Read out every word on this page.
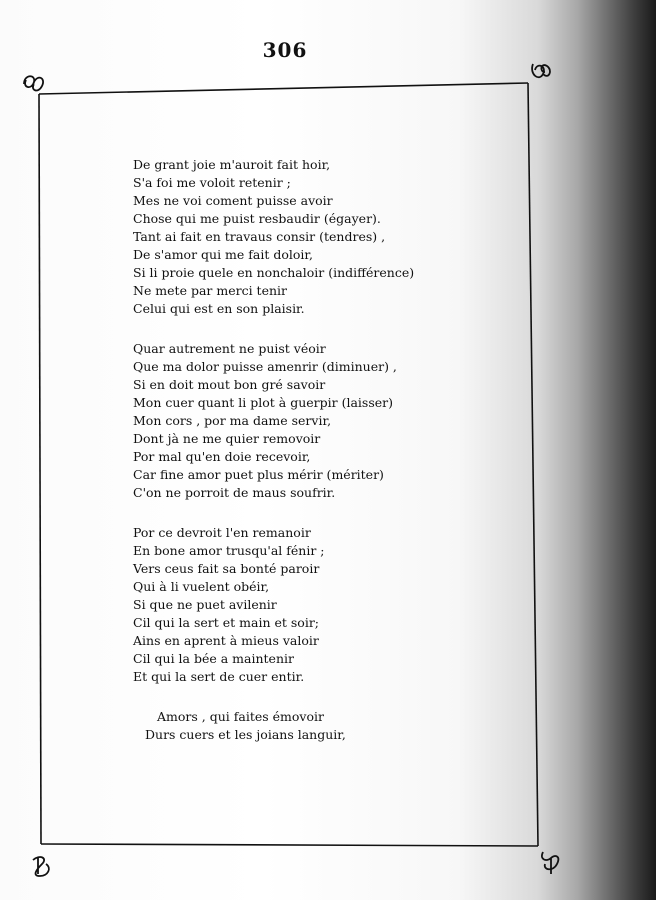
306
De grant joie m'auroit fait hoir,
S'a foi me voloit retenir ;
Mes ne voi coment puisse avoir
Chose qui me puist resbaudir (égayer).
Tant ai fait en travaus consir (tendres) ,
De s'amor qui me fait doloir,
Si li proie quele en nonchaloir (indifférence)
Ne mete par merci tenir
Celui qui est en son plaisir.
Quar autrement ne puist véoir
Que ma dolor puisse amenrir (diminuer) ,
Si en doit mout bon gré savoir
Mon cuer quant li plot à guerpir (laisser)
Mon cors , por ma dame servir,
Dont jà ne me quier removoir
Por mal qu'en doie recevoir,
Car fine amor puet plus mérir (mériter)
C'on ne porroit de maus soufrir.
Por ce devroit l'en remanoir
En bone amor trusqu'al fénir ;
Vers ceus fait sa bonté paroir
Qui à li vuelent obéir,
Si que ne puet avilenir
Cil qui la sert et main et soir;
Ains en aprent à mieus valoir
Cil qui la bée a maintenir
Et qui la sert de cuer entir.
Amors , qui faites émovoir
Durs cuers et les joians languir,
